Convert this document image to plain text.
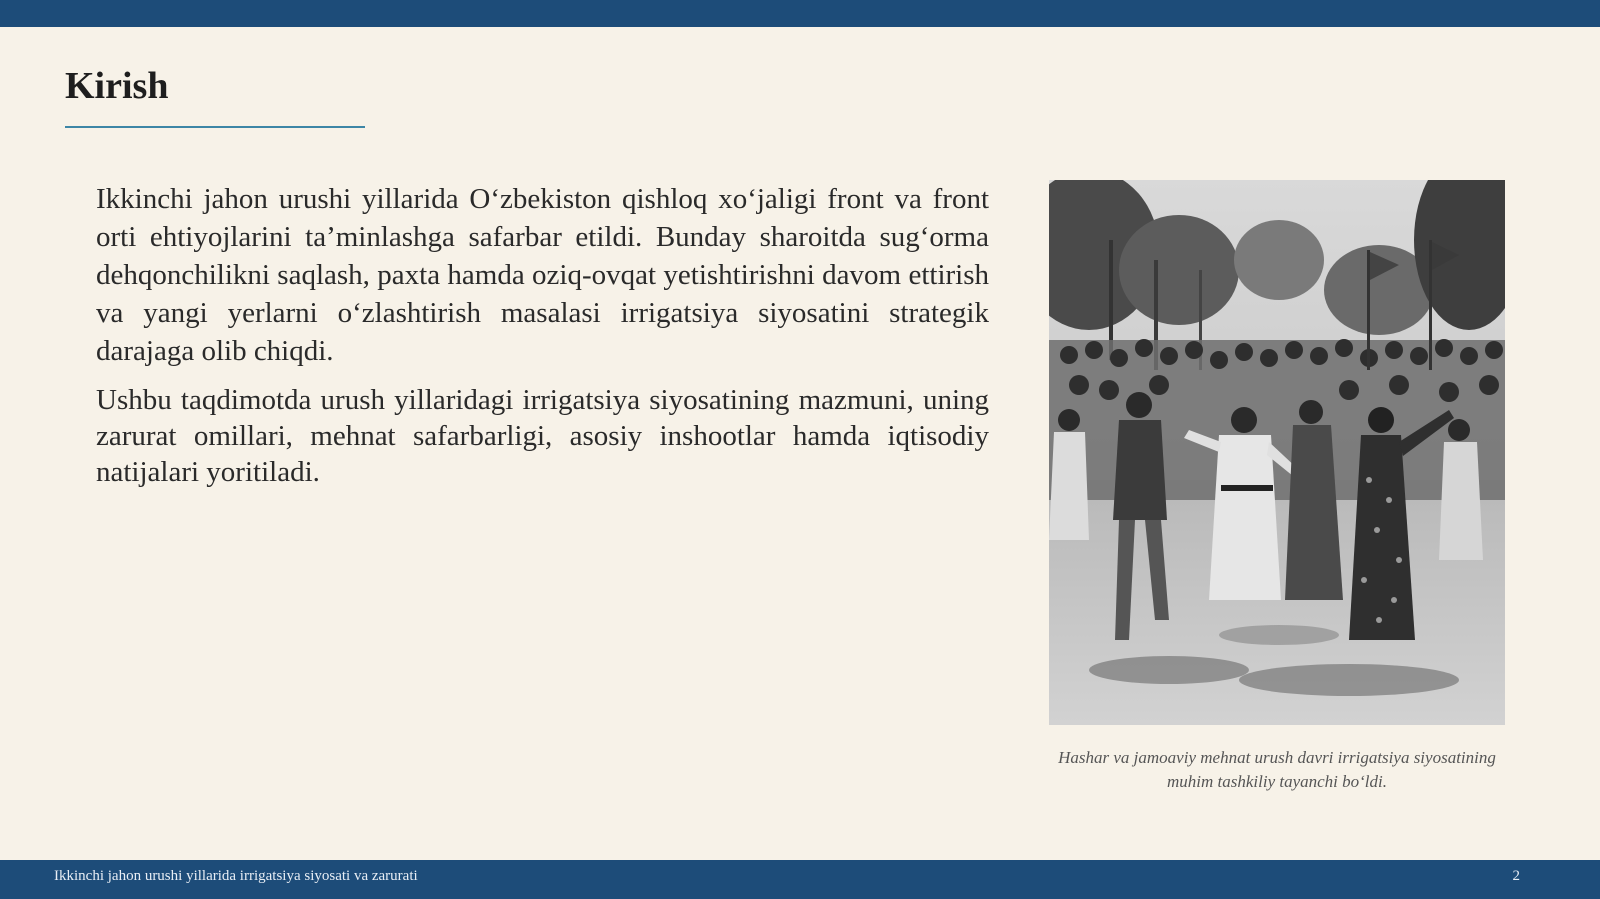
Kirish

Ikkinchi jahon urushi yillarida O‘zbekiston qishloq xo‘jaligi front va front orti ehtiyojlarini ta’minlashga safarbar etildi. Bunday sharoitda sug‘orma dehqonchilikni saqlash, paxta hamda oziq-ovqat yetishtirishni davom ettirish va yangi yerlarni o‘zlashtirish masalasi irrigatsiya siyosatini strategik darajaga olib chiqdi.

Ushbu taqdimotda urush yillaridagi irrigatsiya siyosatining mazmuni, uning zarurat omillari, mehnat safarbarligi, asosiy inshootlar hamda iqtisodiy natijalari yoritiladi.

Hashar va jamoaviy mehnat urush davri irrigatsiya siyosatining muhim tashkiliy tayanchi bo‘ldi.

Ikkinchi jahon urushi yillarida irrigatsiya siyosati va zarurati	2
